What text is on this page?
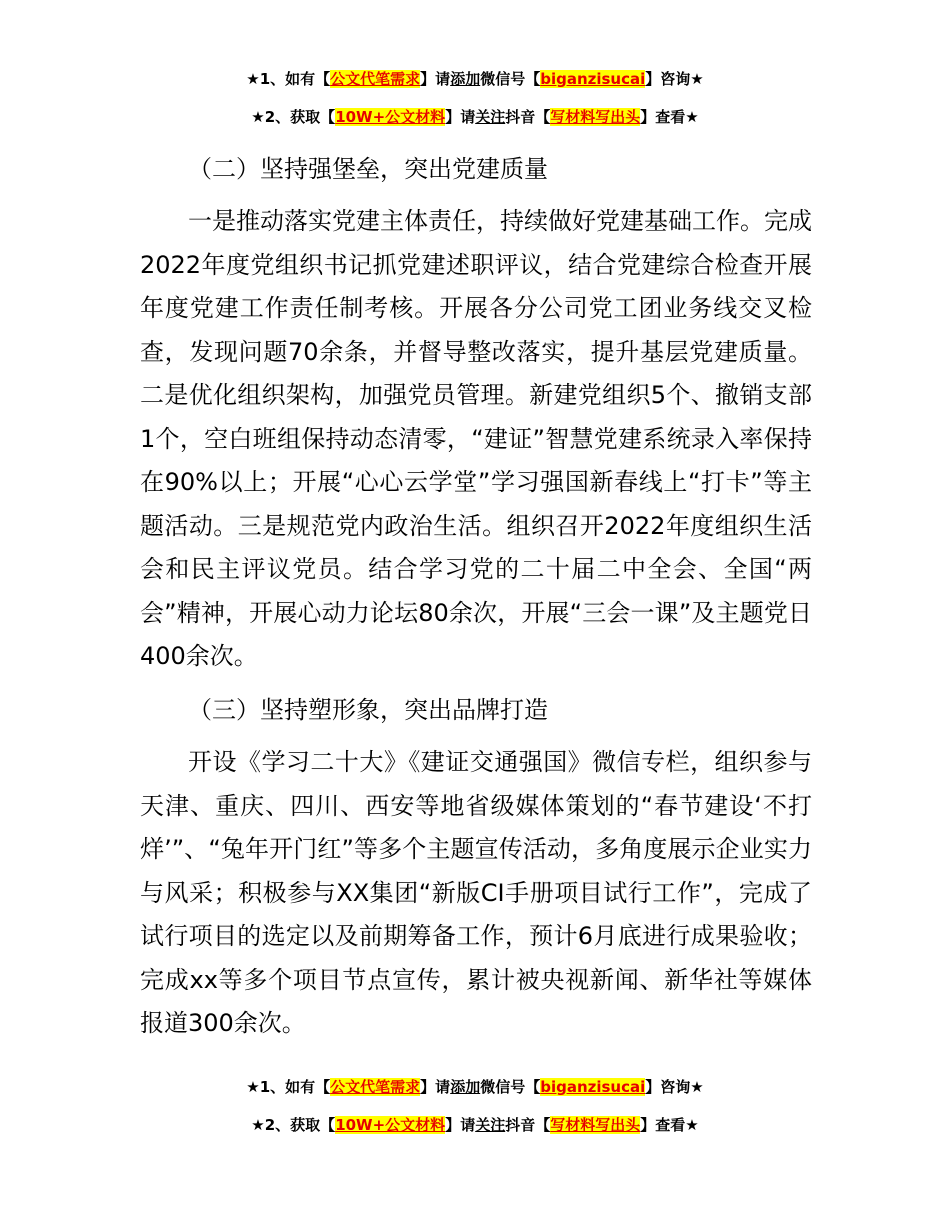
★1、如有【公文代笔需求】请添加微信号【biganzisucai】咨询★
★2、获取【10W+公文材料】请关注抖音【写材料写出头】查看★

（二）坚持强堡垒，突出党建质量

一是推动落实党建主体责任，持续做好党建基础工作。完成2022年度党组织书记抓党建述职评议，结合党建综合检查开展年度党建工作责任制考核。开展各分公司党工团业务线交叉检查，发现问题70余条，并督导整改落实，提升基层党建质量。二是优化组织架构，加强党员管理。新建党组织5个、撤销支部1个，空白班组保持动态清零，“建证”智慧党建系统录入率保持在90%以上；开展“心心云学堂”学习强国新春线上“打卡”等主题活动。三是规范党内政治生活。组织召开2022年度组织生活会和民主评议党员。结合学习党的二十届二中全会、全国“两会”精神，开展心动力论坛80余次，开展“三会一课”及主题党日400余次。

（三）坚持塑形象，突出品牌打造

开设《学习二十大》《建证交通强国》微信专栏，组织参与天津、重庆、四川、西安等地省级媒体策划的“春节建设‘不打烊’”、“兔年开门红”等多个主题宣传活动，多角度展示企业实力与风采；积极参与XX集团“新版CI手册项目试行工作”，完成了试行项目的选定以及前期筹备工作，预计6月底进行成果验收；完成xx等多个项目节点宣传，累计被央视新闻、新华社等媒体报道300余次。

★1、如有【公文代笔需求】请添加微信号【biganzisucai】咨询★
★2、获取【10W+公文材料】请关注抖音【写材料写出头】查看★
